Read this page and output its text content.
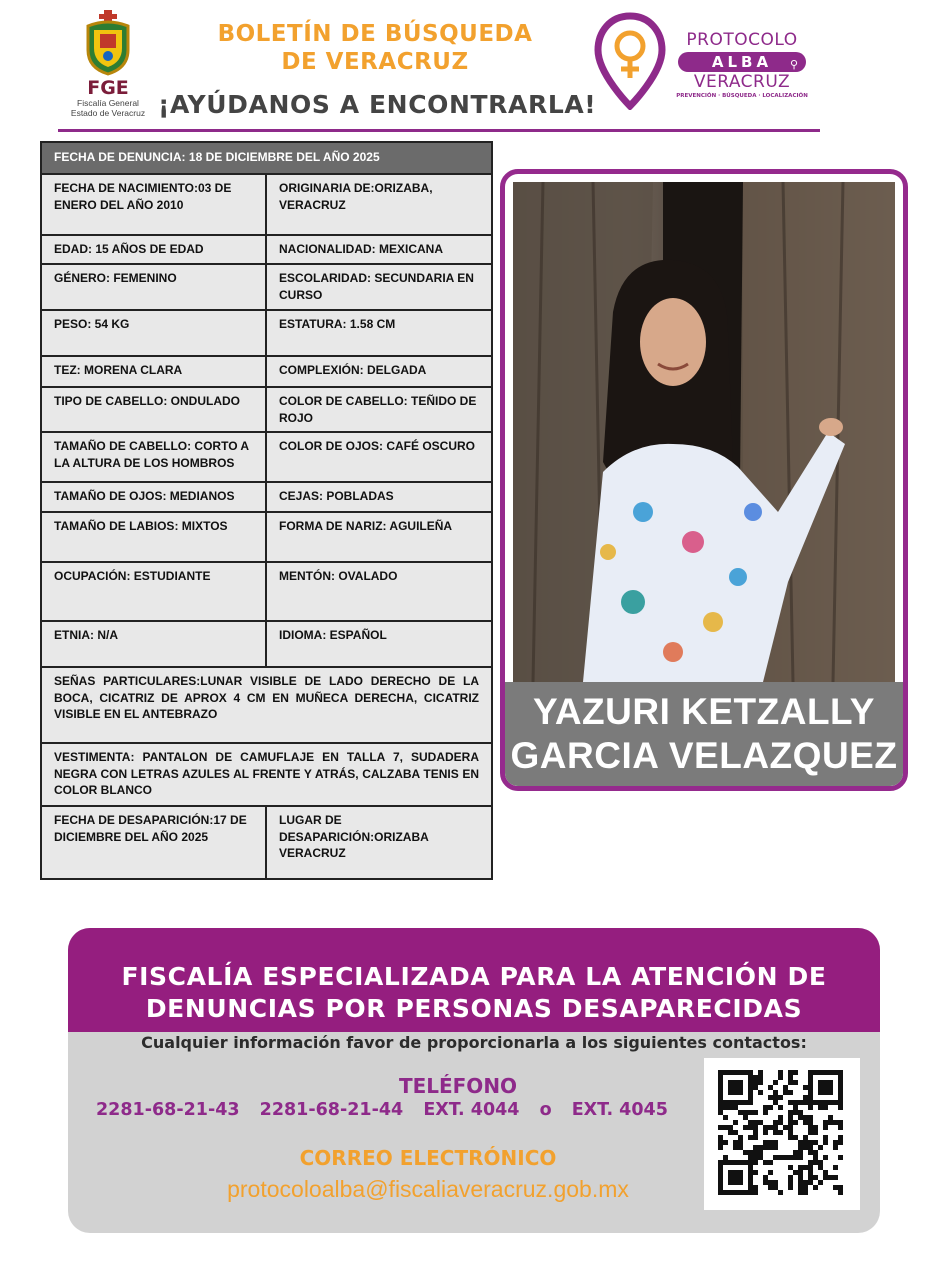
FGE
Fiscalía General
Estado de Veracruz
BOLETÍN DE BÚSQUEDA
DE VERACRUZ
¡AYÚDANOS A ENCONTRARLA!
PROTOCOLO
ALBA ⚲
VERACRUZ
PREVENCIÓN · BÚSQUEDA · LOCALIZACIÓN
FECHA DE DENUNCIA: 18 DE DICIEMBRE DEL AÑO 2025	
FECHA DE NACIMIENTO:03 DE ENERO DEL AÑO 2010	ORIGINARIA DE:ORIZABA, VERACRUZ
EDAD: 15 AÑOS DE EDAD	NACIONALIDAD: MEXICANA
GÉNERO: FEMENINO	ESCOLARIDAD: SECUNDARIA EN CURSO
PESO: 54 KG	ESTATURA: 1.58 CM
TEZ: MORENA CLARA	COMPLEXIÓN: DELGADA
TIPO DE CABELLO: ONDULADO	COLOR DE CABELLO: TEÑIDO DE ROJO
TAMAÑO DE CABELLO: CORTO A LA ALTURA DE LOS HOMBROS	COLOR DE OJOS: CAFÉ OSCURO
TAMAÑO DE OJOS: MEDIANOS	CEJAS: POBLADAS
TAMAÑO DE LABIOS: MIXTOS	FORMA DE NARIZ: AGUILEÑA
OCUPACIÓN: ESTUDIANTE	MENTÓN: OVALADO
ETNIA: N/A	IDIOMA: ESPAÑOL
SEÑAS PARTICULARES:LUNAR VISIBLE DE LADO DERECHO DE LA BOCA, CICATRIZ DE APROX 4 CM EN MUÑECA DERECHA, CICATRIZ VISIBLE EN EL ANTEBRAZO	
VESTIMENTA: PANTALON DE CAMUFLAJE EN TALLA 7, SUDADERA NEGRA CON LETRAS AZULES AL FRENTE Y ATRÁS, CALZABA TENIS EN COLOR BLANCO	
FECHA DE DESAPARICIÓN:17 DE DICIEMBRE DEL AÑO 2025	LUGAR DE DESAPARICIÓN:ORIZABA VERACRUZ
YAZURI KETZALLY
GARCIA VELAZQUEZ
FISCALÍA ESPECIALIZADA PARA LA ATENCIÓN DE
DENUNCIAS POR PERSONAS DESAPARECIDAS
Cualquier información favor de proporcionarla a los siguientes contactos:
TELÉFONO
2281-68-21-43 2281-68-21-44 EXT. 4044 o EXT. 4045
CORREO ELECTRÓNICO
protocoloalba@fiscaliaveracruz.gob.mx
